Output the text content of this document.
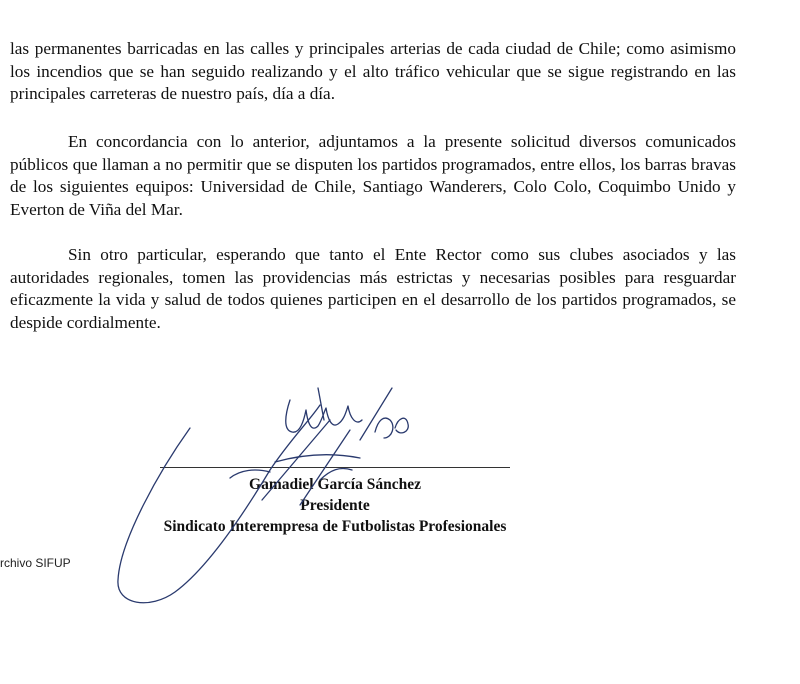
las permanentes barricadas en las calles y principales arterias de cada ciudad de Chile; como asimismo los incendios que se han seguido realizando y el alto tráfico vehicular que se sigue registrando en las principales carreteras de nuestro país, día a día.

En concordancia con lo anterior, adjuntamos a la presente solicitud diversos comunicados públicos que llaman a no permitir que se disputen los partidos programados, entre ellos, los barras bravas de los siguientes equipos: Universidad de Chile, Santiago Wanderers, Colo Colo, Coquimbo Unido y Everton de Viña del Mar.

Sin otro particular, esperando que tanto el Ente Rector como sus clubes asociados y las autoridades regionales, tomen las providencias más estrictas y necesarias posibles para resguardar eficazmente la vida y salud de todos quienes participen en el desarrollo de los partidos programados, se despide cordialmente.

Gamadiel García Sánchez
Presidente
Sindicato Interempresa de Futbolistas Profesionales
rchivo SIFUP
